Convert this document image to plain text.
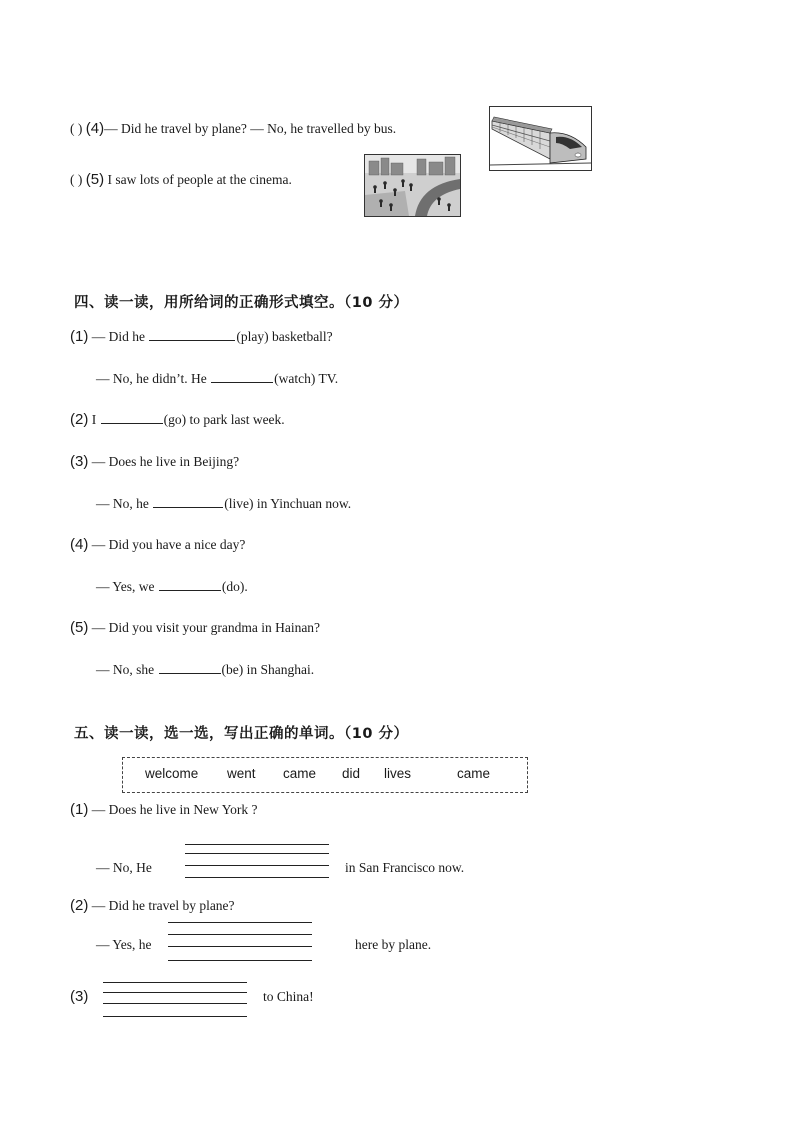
( ) (4)— Did he travel by plane? — No, he travelled by bus.
( ) (5) I saw lots of people at the cinema.
四、读一读，用所给词的正确形式填空。（10 分）
(1) — Did he	(play) basketball?
— No, he didn’t. He	(watch) TV.
(2) I	(go) to park last week.
(3) — Does he live in Beijing?
— No, he	(live) in Yinchuan now.
(4) — Did you have a nice day?
— Yes, we	(do).
(5) — Did you visit your grandma in Hainan?
— No, she	(be) in Shanghai.
五、读一读，选一选，写出正确的单词。（10 分）
welcome went came did lives	came
(1) — Does he live in New York ?
— No, He	in San Francisco now.
(2) — Did he travel by plane?
— Yes, he	here by plane.
(3)	to China!
